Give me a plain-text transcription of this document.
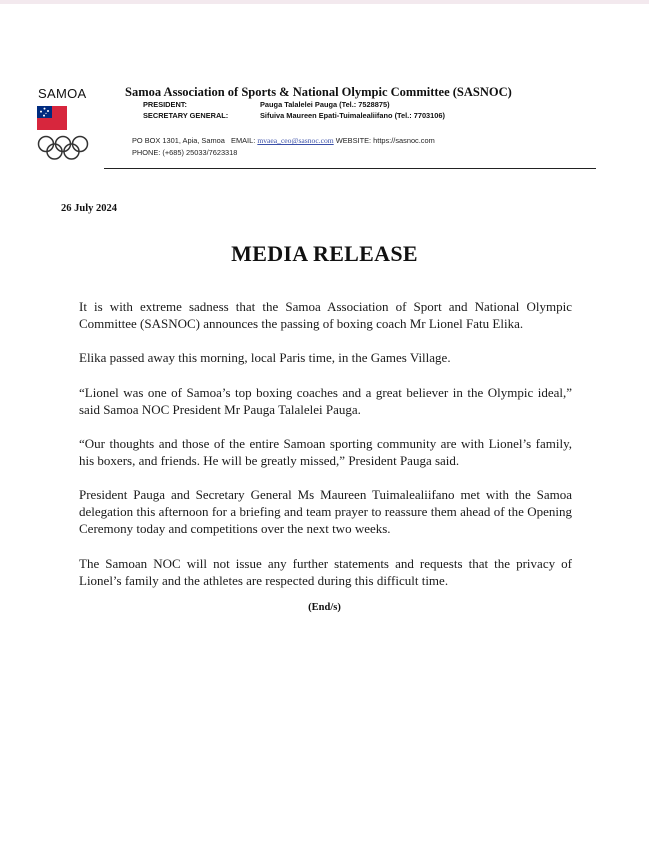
SAMOA	Samoa Association of Sports & National Olympic Committee (SASNOC)
PRESIDENT:	Pauga Talalelei Pauga (Tel.: 7528875)
SECRETARY GENERAL:	Sifuiva Maureen Epati-Tuimalealiifano (Tel.: 7703106)
PO BOX 1301, Apia, Samoa EMAIL: mvaea_ceo@sasnoc.com WEBSITE: https://sasnoc.com
PHONE: (+685) 25033/7623318
26 July 2024
MEDIA RELEASE
It is with extreme sadness that the Samoa Association of Sport and National Olympic Committee (SASNOC) announces the passing of boxing coach Mr Lionel Fatu Elika.
Elika passed away this morning, local Paris time, in the Games Village.
“Lionel was one of Samoa’s top boxing coaches and a great believer in the Olympic ideal,” said Samoa NOC President Mr Pauga Talalelei Pauga.
“Our thoughts and those of the entire Samoan sporting community are with Lionel’s family, his boxers, and friends. He will be greatly missed,” President Pauga said.
President Pauga and Secretary General Ms Maureen Tuimalealiifano met with the Samoa delegation this afternoon for a briefing and team prayer to reassure them ahead of the Opening Ceremony today and competitions over the next two weeks.
The Samoan NOC will not issue any further statements and requests that the privacy of Lionel’s family and the athletes are respected during this difficult time.
(End/s)
